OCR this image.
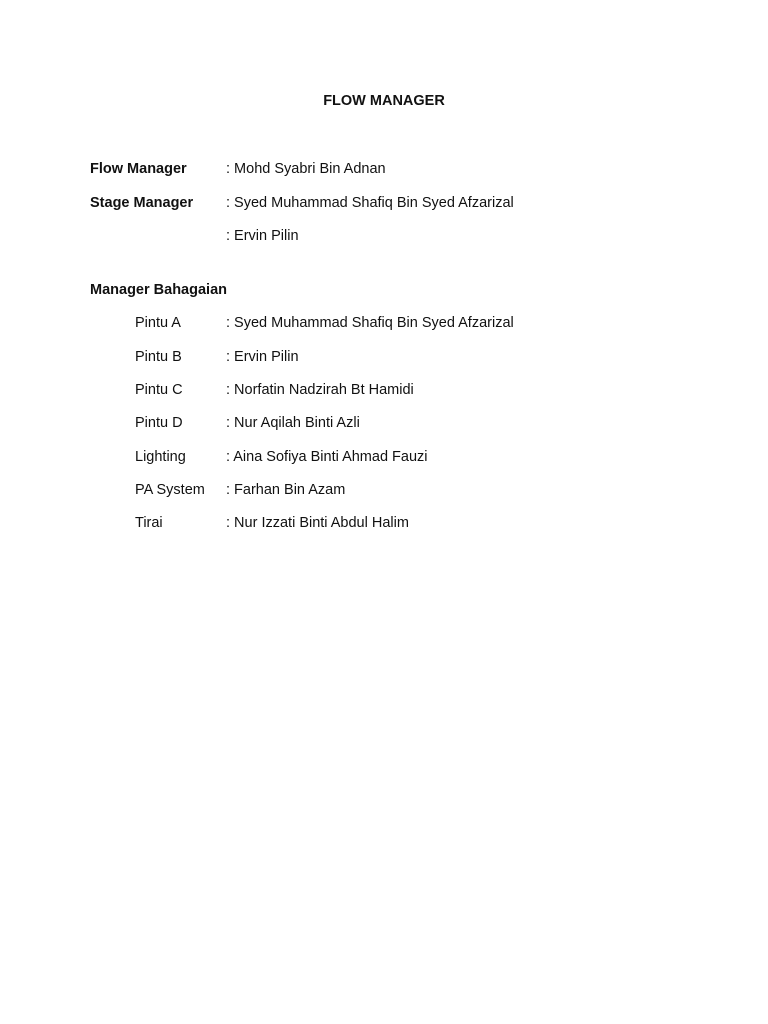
FLOW MANAGER
Flow Manager	: Mohd Syabri Bin Adnan
Stage Manager : Syed Muhammad Shafiq Bin Syed Afzarizal
: Ervin Pilin
Manager Bahagaian
Pintu A	: Syed Muhammad Shafiq Bin Syed Afzarizal
Pintu B	: Ervin Pilin
Pintu C	: Norfatin Nadzirah Bt Hamidi
Pintu D	: Nur Aqilah Binti Azli
Lighting	: Aina Sofiya Binti Ahmad Fauzi
PA System : Farhan Bin Azam
Tirai	: Nur Izzati Binti Abdul Halim
